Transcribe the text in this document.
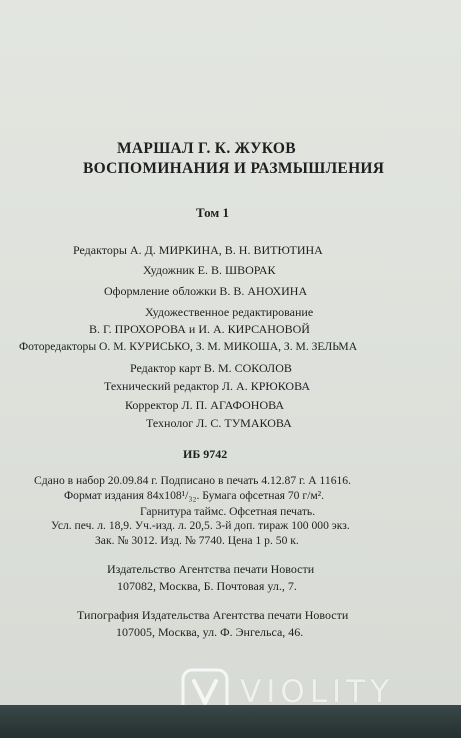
МАРШАЛ Г. К. ЖУКОВ
ВОСПОМИНАНИЯ И РАЗМЫШЛЕНИЯ
Том 1
Редакторы А. Д. МИРКИНА, В. Н. ВИТЮТИНА
Художник Е. В. ШВОРАК
Оформление обложки В. В. АНОХИНА
Художественное редактирование
В. Г. ПРОХОРОВА и И. А. КИРСАНОВОЙ
Фоторедакторы О. М. КУРИСЬКО, З. М. МИКОША, З. М. ЗЕЛЬМА
Редактор карт В. М. СОКОЛОВ
Технический редактор Л. А. КРЮКОВА
Корректор Л. П. АГАФОНОВА
Технолог Л. С. ТУМАКОВА
ИБ 9742
Сдано в набор 20.09.84 г. Подписано в печать 4.12.87 г. А 11616.
Формат издания 84х108¹/₃₂. Бумага офсетная 70 г/м².
Гарнитура таймс. Офсетная печать.
Усл. печ. л. 18,9. Уч.-изд. л. 20,5. 3-й доп. тираж 100 000 экз.
Зак. № 3012. Изд. № 7740. Цена 1 р. 50 к.
Издательство Агентства печати Новости
107082, Москва, Б. Почтовая ул., 7.
Типография Издательства Агентства печати Новости
107005, Москва, ул. Ф. Энгельса, 46.
VIOLITY
